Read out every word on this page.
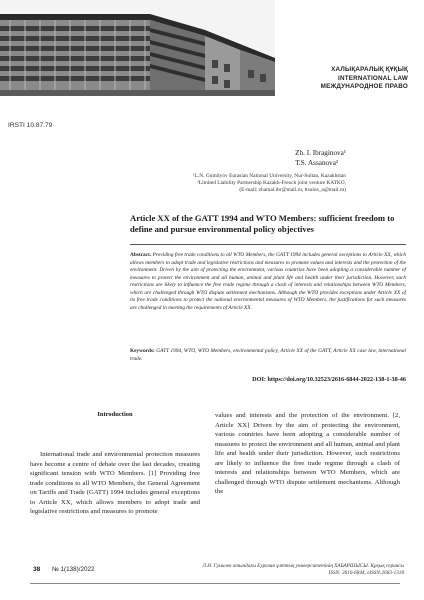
ХАЛЫҚАРАЛЫҚ ҚҰҚЫҚ
INTERNATIONAL LAW
МЕЖДУНАРОДНОЕ ПРАВО
IRSTI 10.87.79
Zh. I. Ibraginova¹
T.S. Assanova²
¹L.N. Gumilyov Eurasian National University, Nur-Sultan, Kazakhstan
²Limited Liability Partnership Kazakh-French joint venture KATKO,
(E-mail: zhamal.ibr@mail.ru, ttsulos_a@mail.ru)
Article XX of the GATT 1994 and WTO Members: sufficient freedom to define and pursue environmental policy objectives
Abstract. Providing free trade conditions to all WTO Members, the GATT 1994 includes general exceptions to Article XX, which allows members to adopt trade and legislative restrictions and measures to promote values and interests and the protection of the environment. Driven by the aim of protecting the environment, various countries have been adopting a considerable number of measures to protect the environment and all human, animal and plant life and health under their jurisdiction. However, such restrictions are likely to influence the free trade regime through a clash of interests and relationships between WTO Members, which are challenged through WTO dispute settlement mechanisms. Although the WTO provides exceptions under Article XX of its free trade conditions to protect the national environmental measures of WTO Members, the justifications for such measures are challenged in meeting the requirements of Article XX.
Keywords: GATT 1994, WTO, WTO Members, environmental policy, Article XX of the GATT, Article XX case law, international trade.
DOI: https://doi.org/10.32523/2616-6844-2022-138-1-38-46
Introduction

International trade and environmental protection measures have become a centre of debate over the last decades, creating significant tension with WTO Members. [1] Providing free trade conditions to all WTO Members, the General Agreement on Tariffs and Trade (GATT) 1994 includes general exceptions to Article XX, which allows members to adopt trade and legislative restrictions and measures to promote

values and interests and the protection of the environment. [2, Article XX] Driven by the aim of protecting the environment, various countries have been adopting a considerable number of measures to protect the environment and all human, animal and plant life and health under their jurisdiction. However, such restrictions are likely to influence the free trade regime through a clash of interests and relationships between WTO Members, which are challenged through WTO dispute settlement mechanisms. Although the

38 № 1(138)/2022	Л.Н. Гумилев атындағы Еуразия ұлттық университетінің ХАБАРШЫСЫ. Құқық сериясы
ISSN: 2616-6844, eISSN:2663-1318
